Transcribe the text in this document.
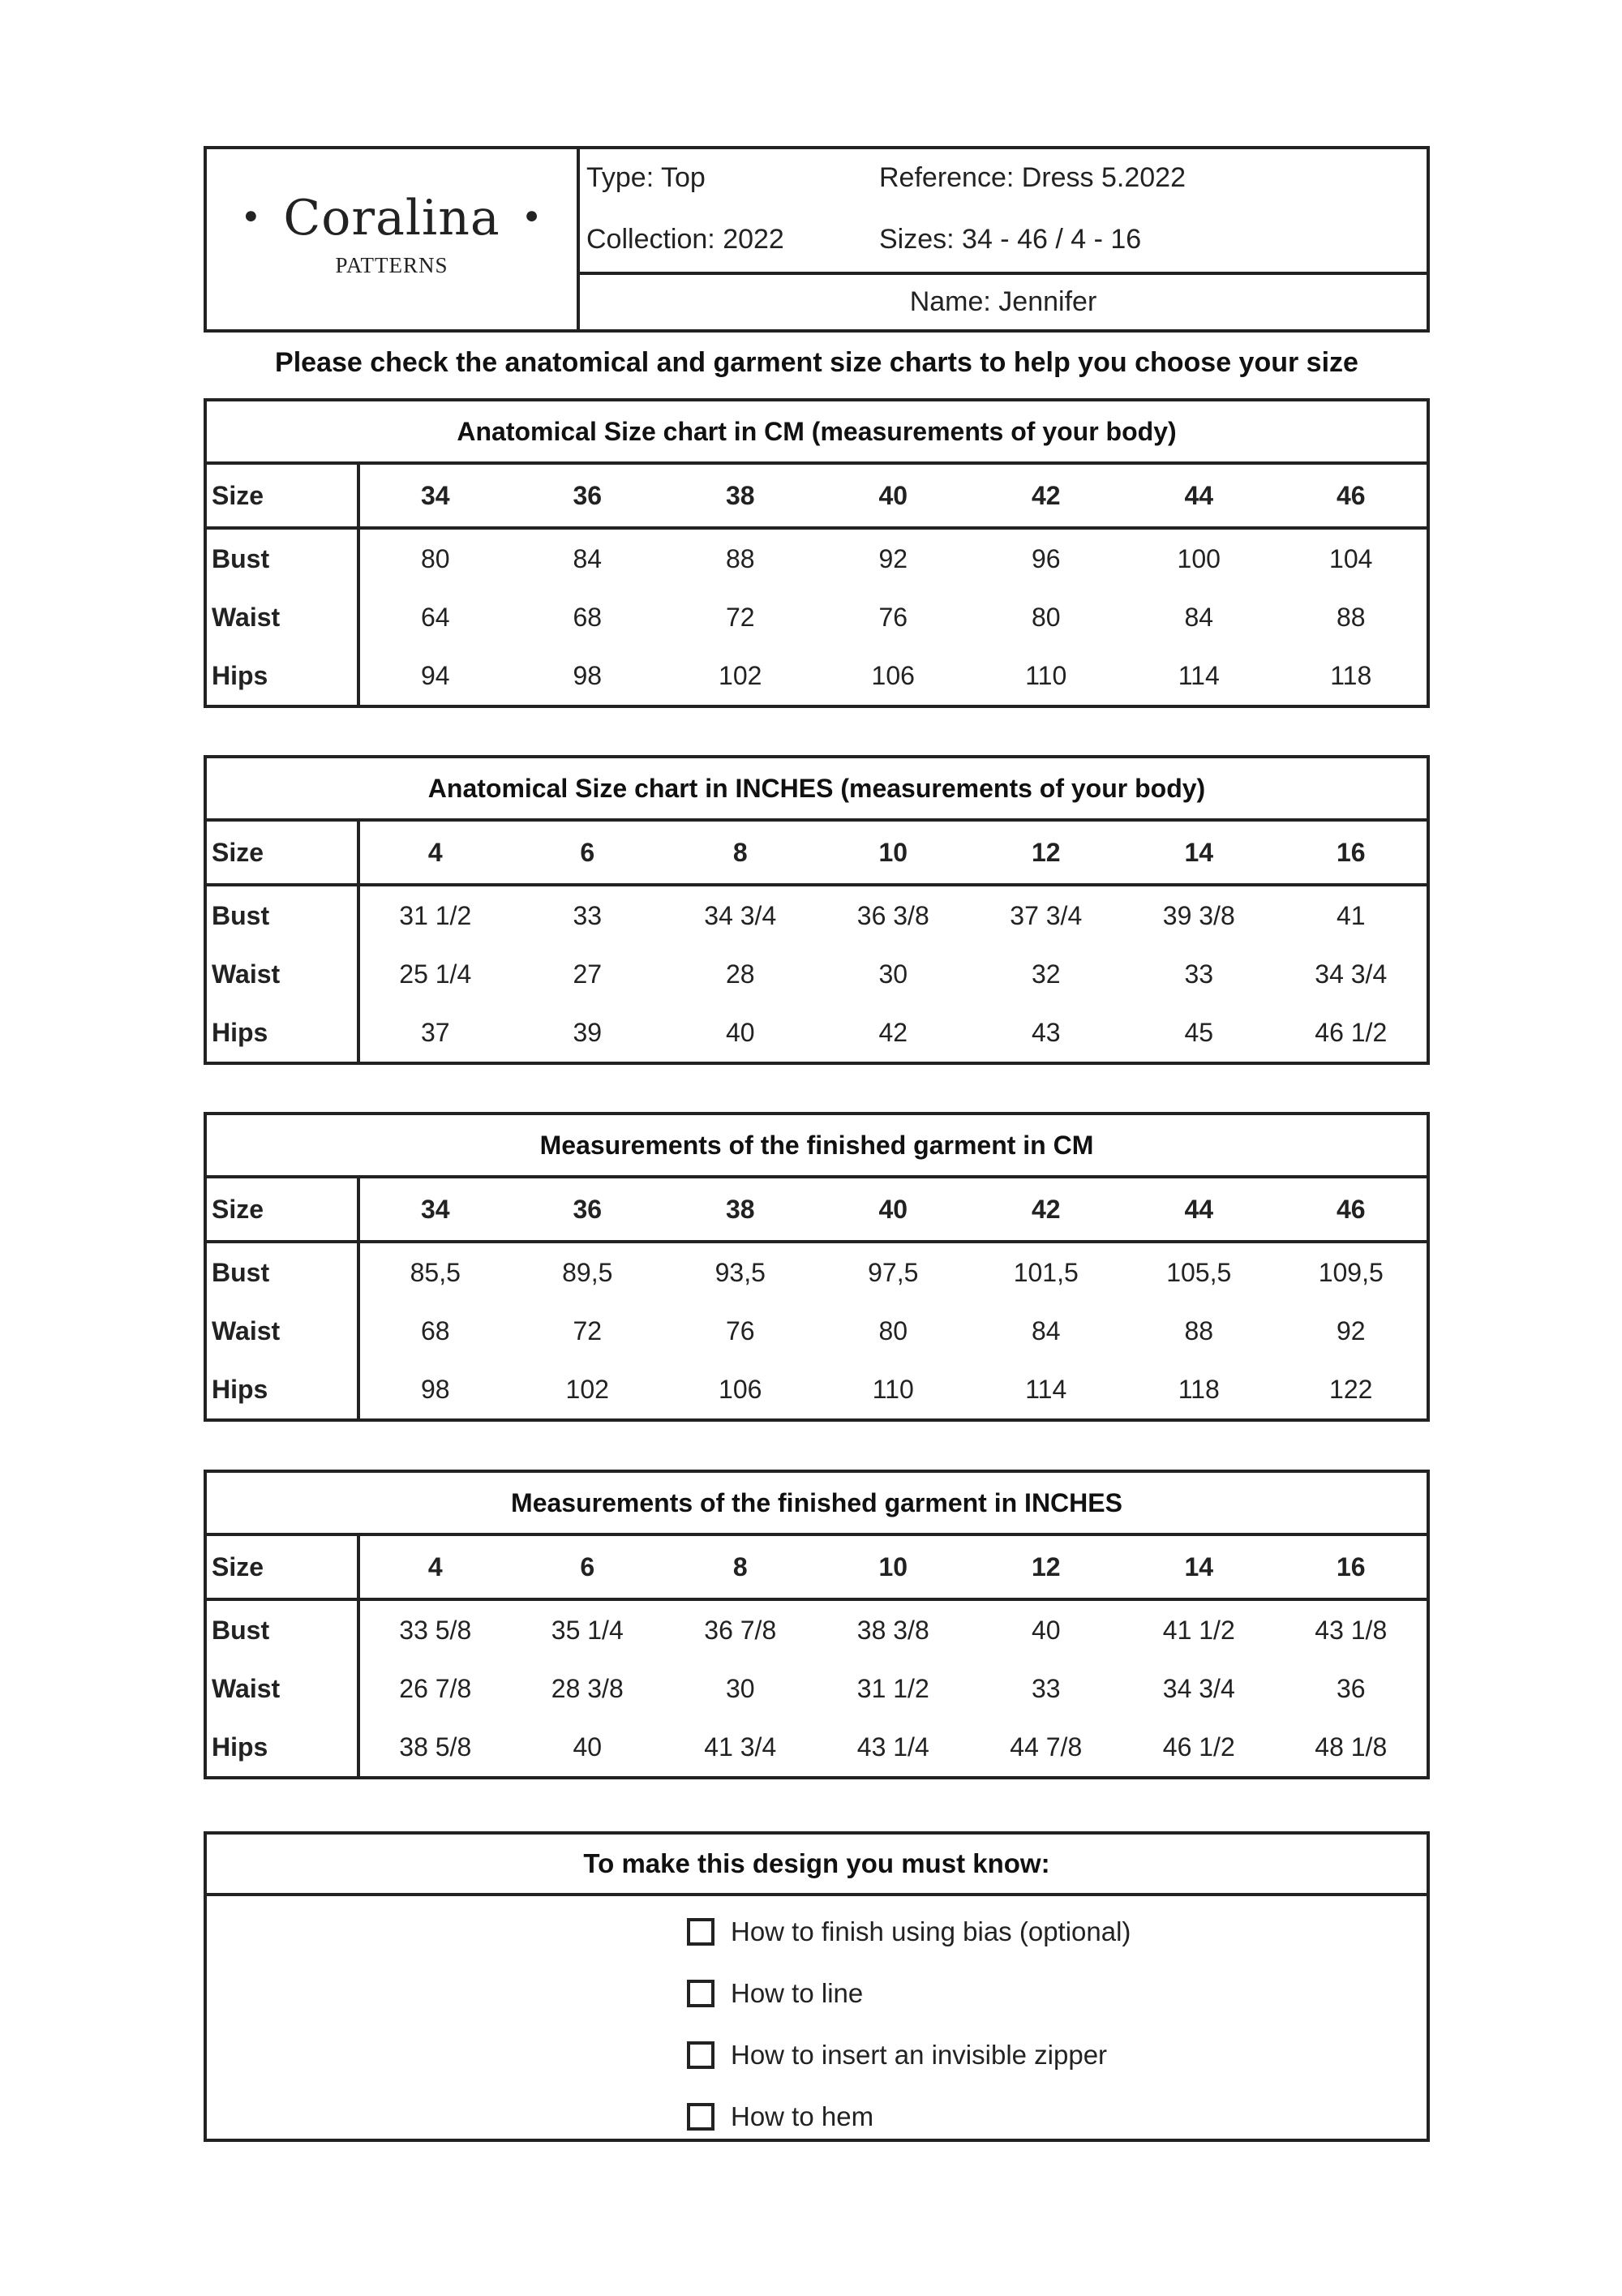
• Coralina •
PATTERNS
Type: Top	Reference: Dress 5.2022
Collection: 2022	Sizes: 34 - 46 / 4 - 16
Name: Jennifer
Please check the anatomical and garment size charts to help you choose your size
Anatomical Size chart in CM (measurements of your body)							
Size	34	36	38	40	42	44	46
Bust	80	84	88	92	96	100	104
Waist	64	68	72	76	80	84	88
Hips	94	98	102	106	110	114	118
Anatomical Size chart in INCHES (measurements of your body)							
Size	4	6	8	10	12	14	16
Bust	31 1/2	33	34 3/4	36 3/8	37 3/4	39 3/8	41
Waist	25 1/4	27	28	30	32	33	34 3/4
Hips	37	39	40	42	43	45	46 1/2
Measurements of the finished garment in CM							
Size	34	36	38	40	42	44	46
Bust	85,5	89,5	93,5	97,5	101,5	105,5	109,5
Waist	68	72	76	80	84	88	92
Hips	98	102	106	110	114	118	122
Measurements of the finished garment in INCHES							
Size	4	6	8	10	12	14	16
Bust	33 5/8	35 1/4	36 7/8	38 3/8	40	41 1/2	43 1/8
Waist	26 7/8	28 3/8	30	31 1/2	33	34 3/4	36
Hips	38 5/8	40	41 3/4	43 1/4	44 7/8	46 1/2	48 1/8
To make this design you must know:
How to finish using bias (optional)
How to line
How to insert an invisible zipper
How to hem
